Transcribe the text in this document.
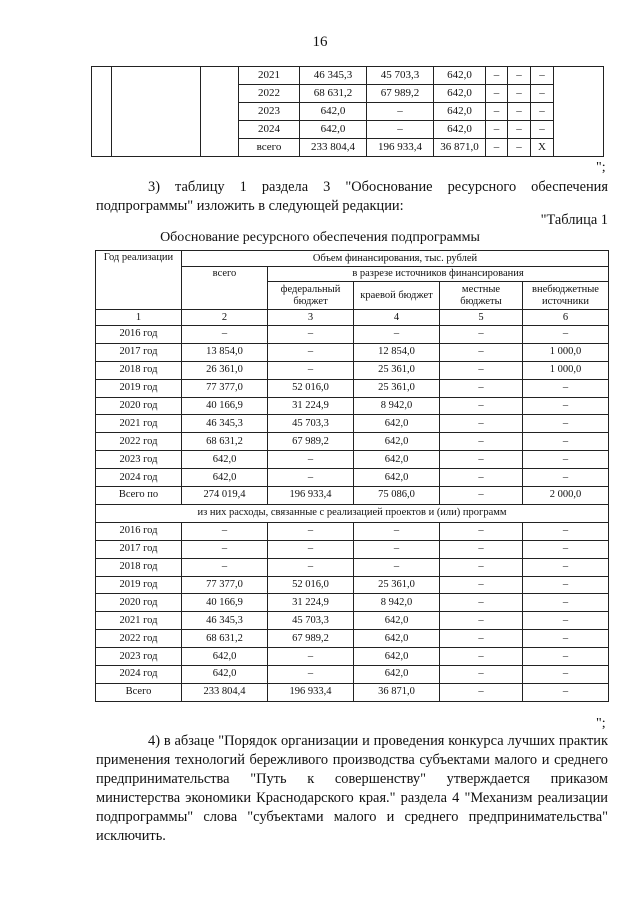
16
			2021	46 345,3	45 703,3	642,0	–	–	–	
			2022	68 631,2	67 989,2	642,0	–	–	–	
			2023	642,0	–	642,0	–	–	–	
			2024	642,0	–	642,0	–	–	–	
			всего	233 804,4	196 933,4	36 871,0	–	–	Х	
";
3) таблицу 1 раздела 3 "Обоснование ресурсного обеспечения подпрограммы" изложить в следующей редакции:
"Таблица 1
Обоснование ресурсного обеспечения подпрограммы
Год реализации	Объем финансирования, тыс. рублей				
	всего	в разрезе источников финансирования			
		федеральный бюджет	краевой бюджет	местные бюджеты	внебюджетные источники
1	2	3	4	5	6
2016 год	–	–	–	–	–
2017 год	13 854,0	–	12 854,0	–	1 000,0
2018 год	26 361,0	–	25 361,0	–	1 000,0
2019 год	77 377,0	52 016,0	25 361,0	–	–
2020 год	40 166,9	31 224,9	8 942,0	–	–
2021 год	46 345,3	45 703,3	642,0	–	–
2022 год	68 631,2	67 989,2	642,0	–	–
2023 год	642,0	–	642,0	–	–
2024 год	642,0	–	642,0	–	–
Всего по	274 019,4	196 933,4	75 086,0	–	2 000,0
из них расходы, связанные с реализацией проектов и (или) программ					
2016 год	–	–	–	–	–
2017 год	–	–	–	–	–
2018 год	–	–	–	–	–
2019 год	77 377,0	52 016,0	25 361,0	–	–
2020 год	40 166,9	31 224,9	8 942,0	–	–
2021 год	46 345,3	45 703,3	642,0	–	–
2022 год	68 631,2	67 989,2	642,0	–	–
2023 год	642,0	–	642,0	–	–
2024 год	642,0	–	642,0	–	–
Всего	233 804,4	196 933,4	36 871,0	–	–
";
4) в абзаце "Порядок организации и проведения конкурса лучших практик применения технологий бережливого производства субъектами малого и среднего предпринимательства "Путь к совершенству" утверждается приказом министерства экономики Краснодарского края." раздела 4 "Механизм реализации подпрограммы" слова "субъектами малого и среднего предпринимательства" исключить.
